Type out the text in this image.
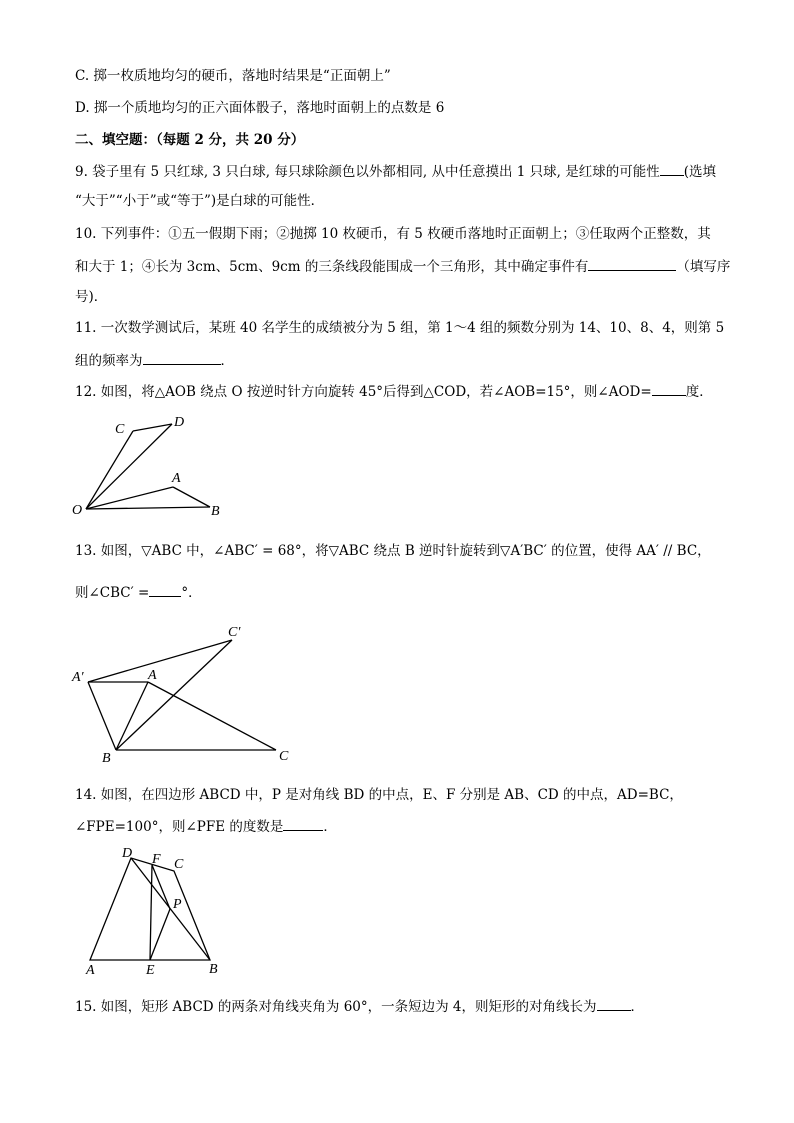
C. 掷一枚质地均匀的硬币，落地时结果是“正面朝上”
D. 掷一个质地均匀的正六面体骰子，落地时面朝上的点数是 6
二、填空题：（每题 2 分，共 20 分）
9. 袋子里有 5 只红球, 3 只白球, 每只球除颜色以外都相同, 从中任意摸出 1 只球, 是红球的可能性 (选填
“大于”“小于”或“等于”)是白球的可能性．
10. 下列事件：①五一假期下雨；②抛掷 10 枚硬币，有 5 枚硬币落地时正面朝上；③任取两个正整数，其
和大于 1；④长为 3cm、5cm、9cm 的三条线段能围成一个三角形，其中确定事件有	（填写序
号)．
11. 一次数学测试后，某班 40 名学生的成绩被分为 5 组，第 1～4 组的频数分别为 14、10、8、4，则第 5
组的频率为	．
12. 如图，将△AOB 绕点 O 按逆时针方向旋转 45°后得到△COD，若∠AOB=15°，则∠AOD=	度．
C	D
A
O	B
13. 如图，▽ABC 中，∠ABC′ = 68°，将▽ABC 绕点 B 逆时针旋转到▽A′BC′ 的位置，使得 AA′ // BC，
则∠CBC′ = °．
C′
A′	A
B	C
14. 如图，在四边形 ABCD 中，P 是对角线 BD 的中点，E、F 分别是 AB、CD 的中点，AD=BC，
∠FPE=100°，则∠PFE 的度数是	．
D F C
P
A	E	B
15. 如图，矩形 ABCD 的两条对角线夹角为 60°，一条短边为 4，则矩形的对角线长为	．
